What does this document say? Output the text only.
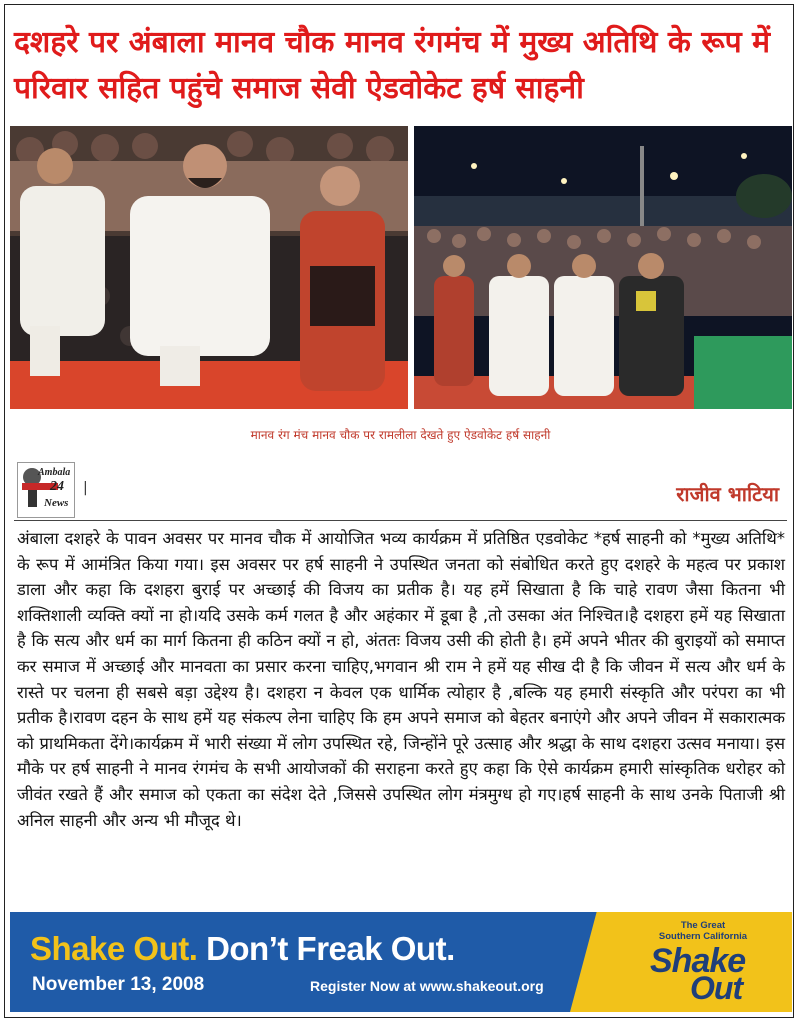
दशहरे पर अंबाला मानव चौक मानव रंगमंच में मुख्य अतिथि के रूप में परिवार सहित पहुंचे समाज सेवी ऐडवोकेट हर्ष साहनी
मानव रंग मंच मानव चौक पर रामलीला देखते हुए ऐडवोकेट हर्ष साहनी
Ambala
24
News
|	राजीव भाटिया

अंबाला दशहरे के पावन अवसर पर मानव चौक में आयोजित भव्य कार्यक्रम में प्रतिष्ठित एडवोकेट *हर्ष साहनी को *मुख्य अतिथि* के रूप में आमंत्रित किया गया। इस अवसर पर हर्ष साहनी ने उपस्थित जनता को संबोधित करते हुए दशहरे के महत्व पर प्रकाश डाला और कहा कि दशहरा बुराई पर अच्छाई की विजय का प्रतीक है। यह हमें सिखाता है कि चाहे रावण जैसा कितना भी शक्तिशाली व्यक्ति क्यों ना हो।यदि उसके कर्म गलत है और अहंकार में डूबा है ,तो उसका अंत निश्चित।है दशहरा हमें यह सिखाता है कि सत्य और धर्म का मार्ग कितना ही कठिन क्यों न हो, अंततः विजय उसी की होती है। हमें अपने भीतर की बुराइयों को समाप्त कर समाज में अच्छाई और मानवता का प्रसार करना चाहिए,भगवान श्री राम ने हमें यह सीख दी है कि जीवन में सत्य और धर्म के रास्ते पर चलना ही सबसे बड़ा उद्देश्य है। दशहरा न केवल एक धार्मिक त्योहार है ,बल्कि यह हमारी संस्कृति और परंपरा का भी प्रतीक है।रावण दहन के साथ हमें यह संकल्प लेना चाहिए कि हम अपने समाज को बेहतर बनाएंगे और अपने जीवन में सकारात्मक को प्राथमिकता देंगे।कार्यक्रम में भारी संख्या में लोग उपस्थित रहे, जिन्होंने पूरे उत्साह और श्रद्धा के साथ दशहरा उत्सव मनाया। इस मौके पर हर्ष साहनी ने मानव रंगमंच के सभी आयोजकों की सराहना करते हुए कहा कि ऐसे कार्यक्रम हमारी सांस्कृतिक धरोहर को जीवंत रखते हैं और समाज को एकता का संदेश देते ,जिससे उपस्थित लोग मंत्रमुग्ध हो गए।हर्ष साहनी के साथ उनके पिताजी श्री अनिल साहनी और अन्य भी मौजूद थे।

Shake Out. Don’t Freak Out.
November 13, 2008	Register Now at www.shakeout.org
The Great
Southern California
Shake
Out
